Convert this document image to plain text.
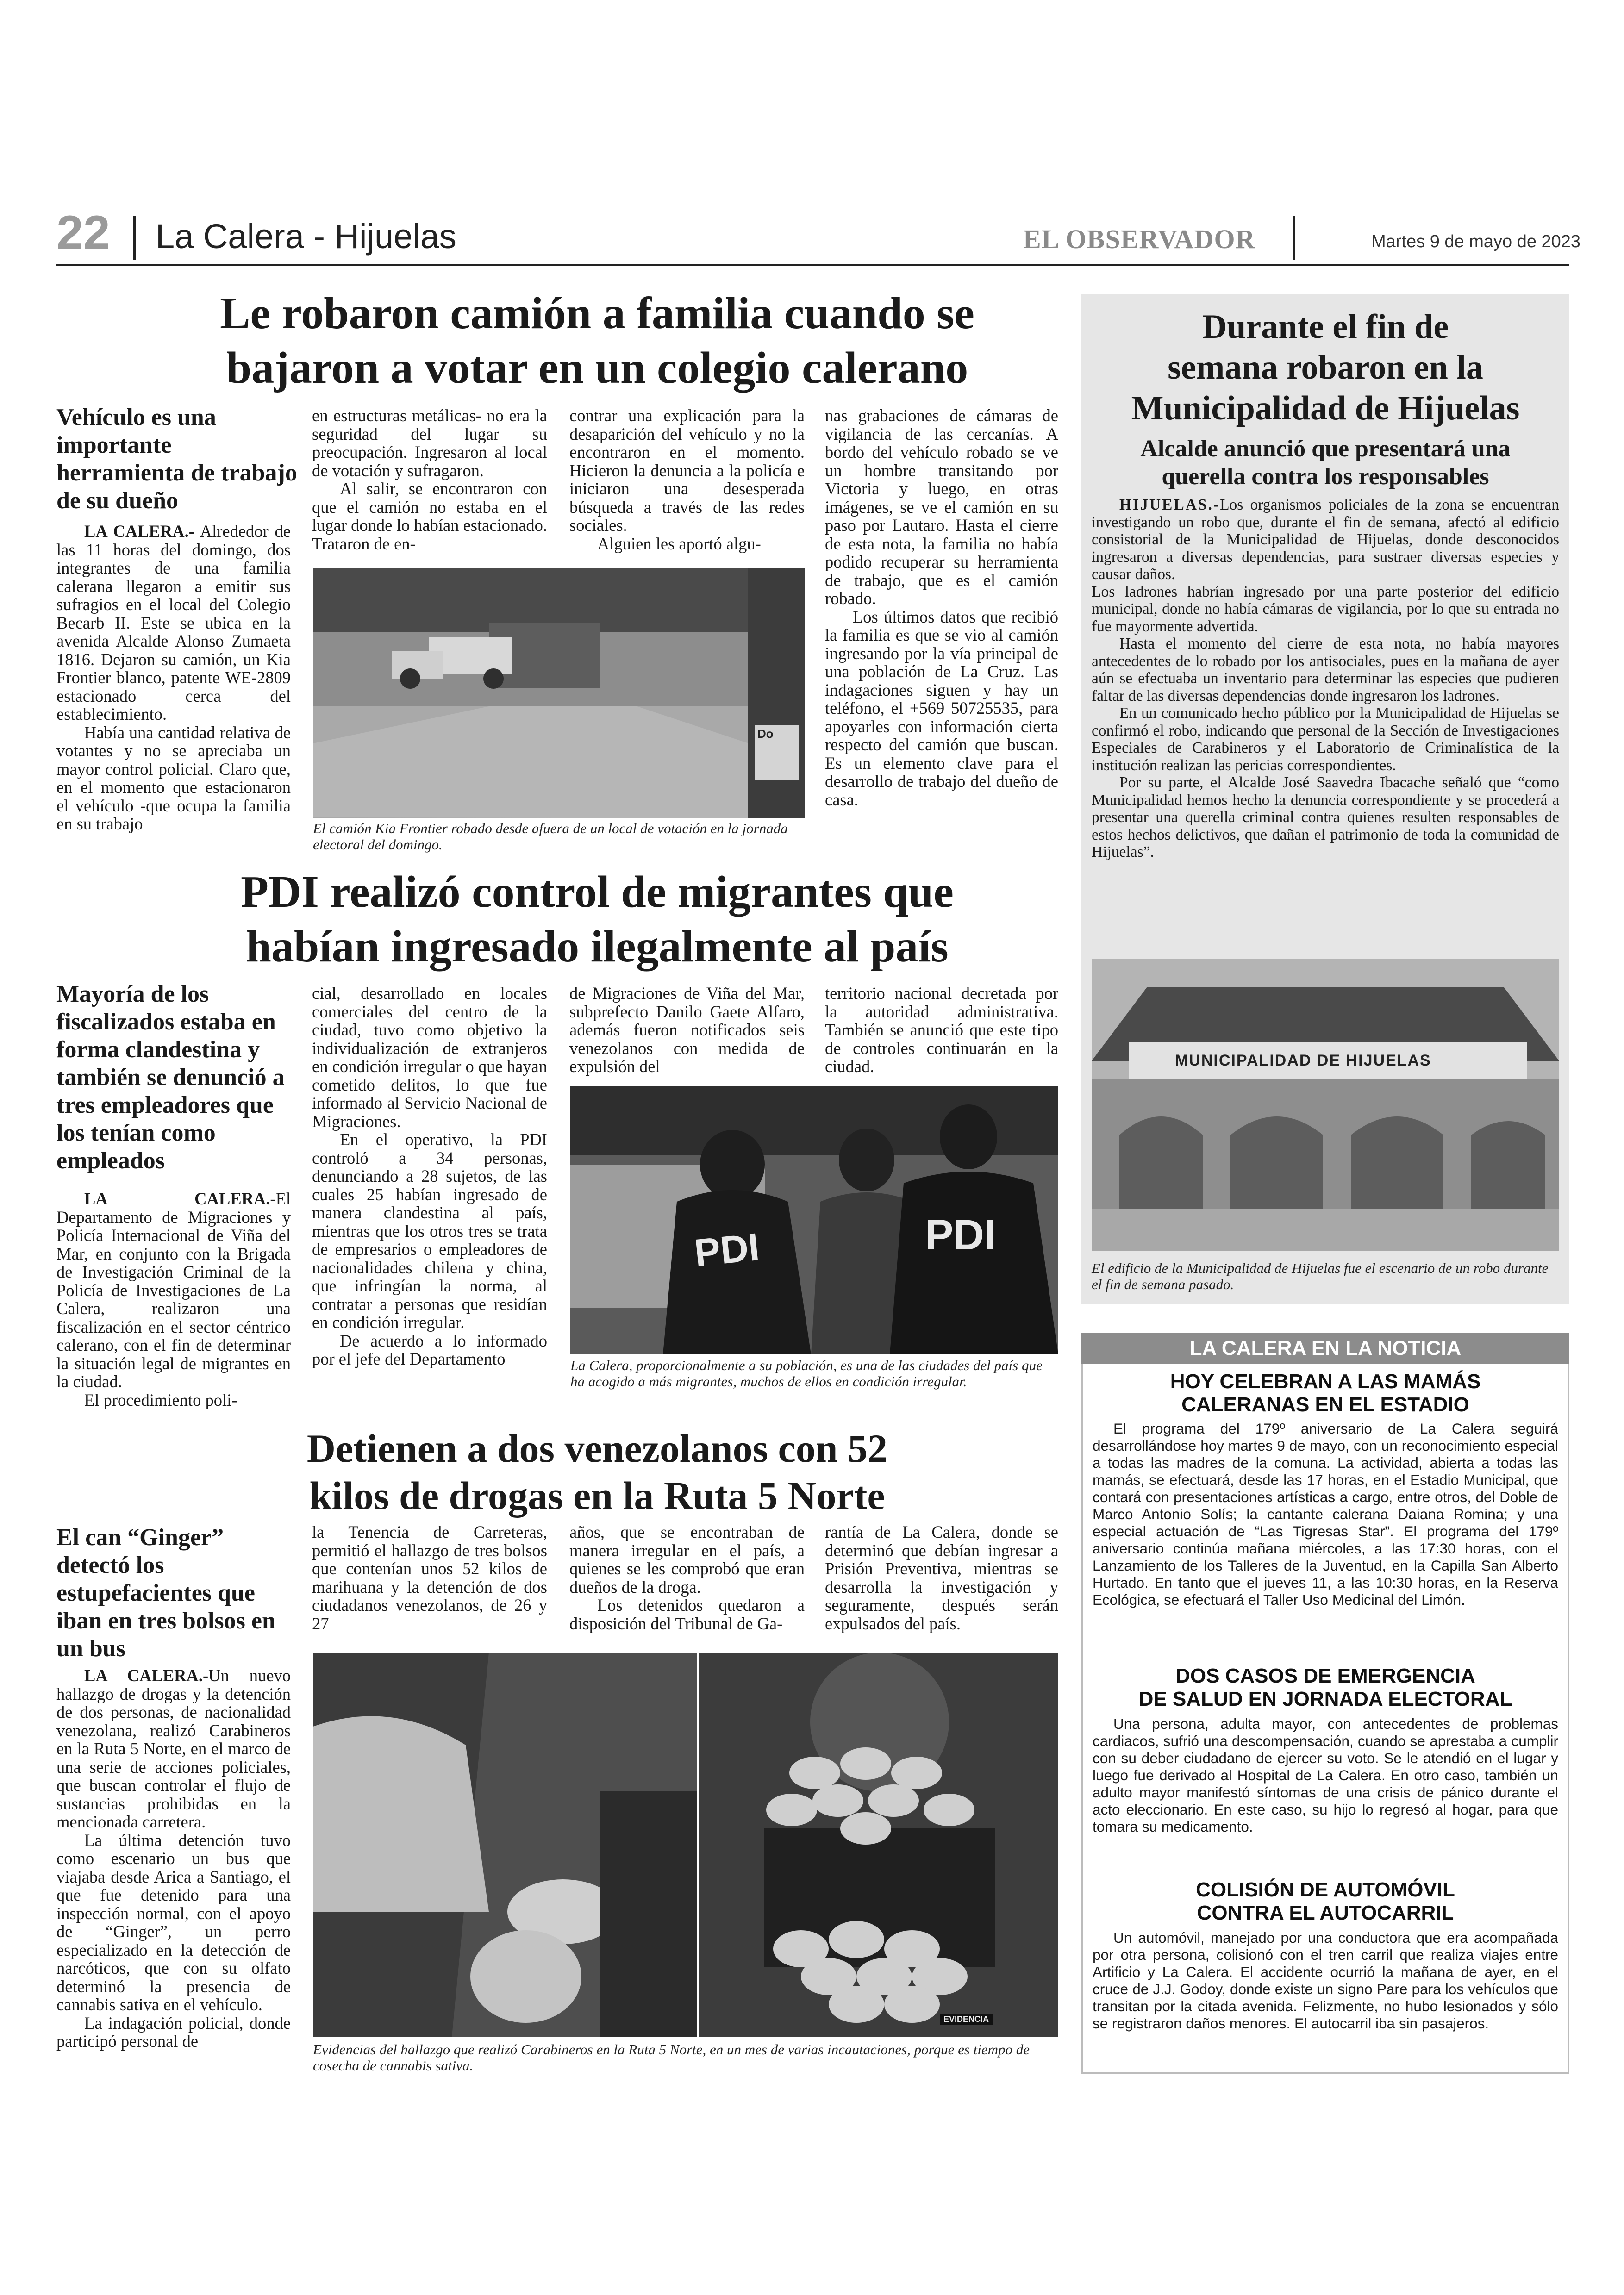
22 La Calera - Hijuelas	EL OBSERVADOR	Martes 9 de mayo de 2023
Le robaron camión a familia cuando se
bajaron a votar en un colegio calerano
Vehículo es una importante herramienta de trabajo de su dueño

LA CALERA.- Alrededor de las 11 horas del domingo, dos integrantes de una familia calerana llegaron a emitir sus sufragios en el local del Colegio Becarb II. Este se ubica en la avenida Alcalde Alonso Zumaeta 1816. Dejaron su camión, un Kia Frontier blanco, patente WE-2809 estacionado cerca del establecimiento.

Había una cantidad relativa de votantes y no se apreciaba un mayor control policial. Claro que, en el momento que estacionaron el vehículo -que ocupa la familia en su trabajo

en estructuras metálicas- no era la seguridad del lugar su preocupación. Ingresaron al local de votación y sufragaron.

Al salir, se encontraron con que el camión no estaba en el lugar donde lo habían estacionado. Trataron de en-

contrar una explicación para la desaparición del vehículo y no la encontraron en el momento. Hicieron la denuncia a la policía e iniciaron una desesperada búsqueda a través de las redes sociales.

Alguien les aportó algu-

nas grabaciones de cámaras de vigilancia de las cercanías. A bordo del vehículo robado se ve un hombre transitando por Victoria y luego, en otras imágenes, se ve el camión en su paso por Lautaro. Hasta el cierre de esta nota, la familia no había podido recuperar su herramienta de trabajo, que es el camión robado.

Los últimos datos que recibió la familia es que se vio al camión ingresando por la vía principal de una población de La Cruz. Las indagaciones siguen y hay un teléfono, el +569 50725535, para apoyarles con información cierta respecto del camión que buscan. Es un elemento clave para el desarrollo de trabajo del dueño de casa.

Do
El camión Kia Frontier robado desde afuera de un local de votación en la jornada electoral del domingo.
PDI realizó control de migrantes que
habían ingresado ilegalmente al país
Mayoría de los fiscalizados estaba en forma clandestina y también se denunció a tres empleadores que los tenían como empleados

LA CALERA.-El Departamento de Migraciones y Policía Internacional de Viña del Mar, en conjunto con la Brigada de Investigación Criminal de la Policía de Investigaciones de La Calera, realizaron una fiscalización en el sector céntrico calerano, con el fin de determinar la situación legal de migrantes en la ciudad.

El procedimiento poli-

cial, desarrollado en locales comerciales del centro de la ciudad, tuvo como objetivo la individualización de extranjeros en condición irregular o que hayan cometido delitos, lo que fue informado al Servicio Nacional de Migraciones.

En el operativo, la PDI controló a 34 personas, denunciando a 28 sujetos, de las cuales 25 habían ingresado de manera clandestina al país, mientras que los otros tres se trata de empresarios o empleadores de nacionalidades chilena y china, que infringían la norma, al contratar a personas que residían en condición irregular.

De acuerdo a lo informado por el jefe del Departamento

de Migraciones de Viña del Mar, subprefecto Danilo Gaete Alfaro, además fueron notificados seis venezolanos con medida de expulsión del

territorio nacional decretada por la autoridad administrativa. También se anunció que este tipo de controles continuarán en la ciudad.

PDI	PDI
La Calera, proporcionalmente a su población, es una de las ciudades del país que ha acogido a más migrantes, muchos de ellos en condición irregular.
Detienen a dos venezolanos con 52
kilos de drogas en la Ruta 5 Norte
El can “Ginger” detectó los estupefacientes que iban en tres bolsos en un bus

LA CALERA.-Un nuevo hallazgo de drogas y la detención de dos personas, de nacionalidad venezolana, realizó Carabineros en la Ruta 5 Norte, en el marco de una serie de acciones policiales, que buscan controlar el flujo de sustancias prohibidas en la mencionada carretera.

La última detención tuvo como escenario un bus que viajaba desde Arica a Santiago, el que fue detenido para una inspección normal, con el apoyo de “Ginger”, un perro especializado en la detección de narcóticos, que con su olfato determinó la presencia de cannabis sativa en el vehículo.

La indagación policial, donde participó personal de

la Tenencia de Carreteras, permitió el hallazgo de tres bolsos que contenían unos 52 kilos de marihuana y la detención de dos ciudadanos venezolanos, de 26 y 27

años, que se encontraban de manera irregular en el país, a quienes se les comprobó que eran dueños de la droga.

Los detenidos quedaron a disposición del Tribunal de Ga-

rantía de La Calera, donde se determinó que debían ingresar a Prisión Preventiva, mientras se desarrolla la investigación y seguramente, después serán expulsados del país.

EVIDENCIA
Evidencias del hallazgo que realizó Carabineros en la Ruta 5 Norte, en un mes de varias incautaciones, porque es tiempo de cosecha de cannabis sativa.
Durante el fin de
semana robaron en la
Municipalidad de Hijuelas
Alcalde anunció que presentará una querella contra los responsables

HIJUELAS.-Los organismos policiales de la zona se encuentran investigando un robo que, durante el fin de semana, afectó al edificio consistorial de la Municipalidad de Hijuelas, donde desconocidos ingresaron a diversas dependencias, para sustraer diversas especies y causar daños.

Los ladrones habrían ingresado por una parte posterior del edificio municipal, donde no había cámaras de vigilancia, por lo que su entrada no fue mayormente advertida.

Hasta el momento del cierre de esta nota, no había mayores antecedentes de lo robado por los antisociales, pues en la mañana de ayer aún se efectuaba un inventario para determinar las especies que pudieren faltar de las diversas dependencias donde ingresaron los ladrones.

En un comunicado hecho público por la Municipalidad de Hijuelas se confirmó el robo, indicando que personal de la Sección de Investigaciones Especiales de Carabineros y el Laboratorio de Criminalística de la institución realizan las pericias correspondientes.

Por su parte, el Alcalde José Saavedra Ibacache señaló que “como Municipalidad hemos hecho la denuncia correspondiente y se procederá a presentar una querella criminal contra quienes resulten responsables de estos hechos delictivos, que dañan el patrimonio de toda la comunidad de Hijuelas”.

MUNICIPALIDAD DE HIJUELAS
El edificio de la Municipalidad de Hijuelas fue el escenario de un robo durante el fin de semana pasado.
LA CALERA EN LA NOTICIA
HOY CELEBRAN A LAS MAMÁS
CALERANAS EN EL ESTADIO

El programa del 179º aniversario de La Calera seguirá desarrollándose hoy martes 9 de mayo, con un reconocimiento especial a todas las madres de la comuna. La actividad, abierta a todas las mamás, se efectuará, desde las 17 horas, en el Estadio Municipal, que contará con presentaciones artísticas a cargo, entre otros, del Doble de Marco Antonio Solís; la cantante calerana Daiana Romina; y una especial actuación de “Las Tigresas Star”. El programa del 179º aniversario continúa mañana miércoles, a las 17:30 horas, con el Lanzamiento de los Talleres de la Juventud, en la Capilla San Alberto Hurtado. En tanto que el jueves 11, a las 10:30 horas, en la Reserva Ecológica, se efectuará el Taller Uso Medicinal del Limón.

DOS CASOS DE EMERGENCIA
DE SALUD EN JORNADA ELECTORAL

Una persona, adulta mayor, con antecedentes de problemas cardiacos, sufrió una descompensación, cuando se aprestaba a cumplir con su deber ciudadano de ejercer su voto. Se le atendió en el lugar y luego fue derivado al Hospital de La Calera. En otro caso, también un adulto mayor manifestó síntomas de una crisis de pánico durante el acto eleccionario. En este caso, su hijo lo regresó al hogar, para que tomara su medicamento.

COLISIÓN DE AUTOMÓVIL
CONTRA EL AUTOCARRIL

Un automóvil, manejado por una conductora que era acompañada por otra persona, colisionó con el tren carril que realiza viajes entre Artificio y La Calera. El accidente ocurrió la mañana de ayer, en el cruce de J.J. Godoy, donde existe un signo Pare para los vehículos que transitan por la citada avenida. Felizmente, no hubo lesionados y sólo se registraron daños menores. El autocarril iba sin pasajeros.
